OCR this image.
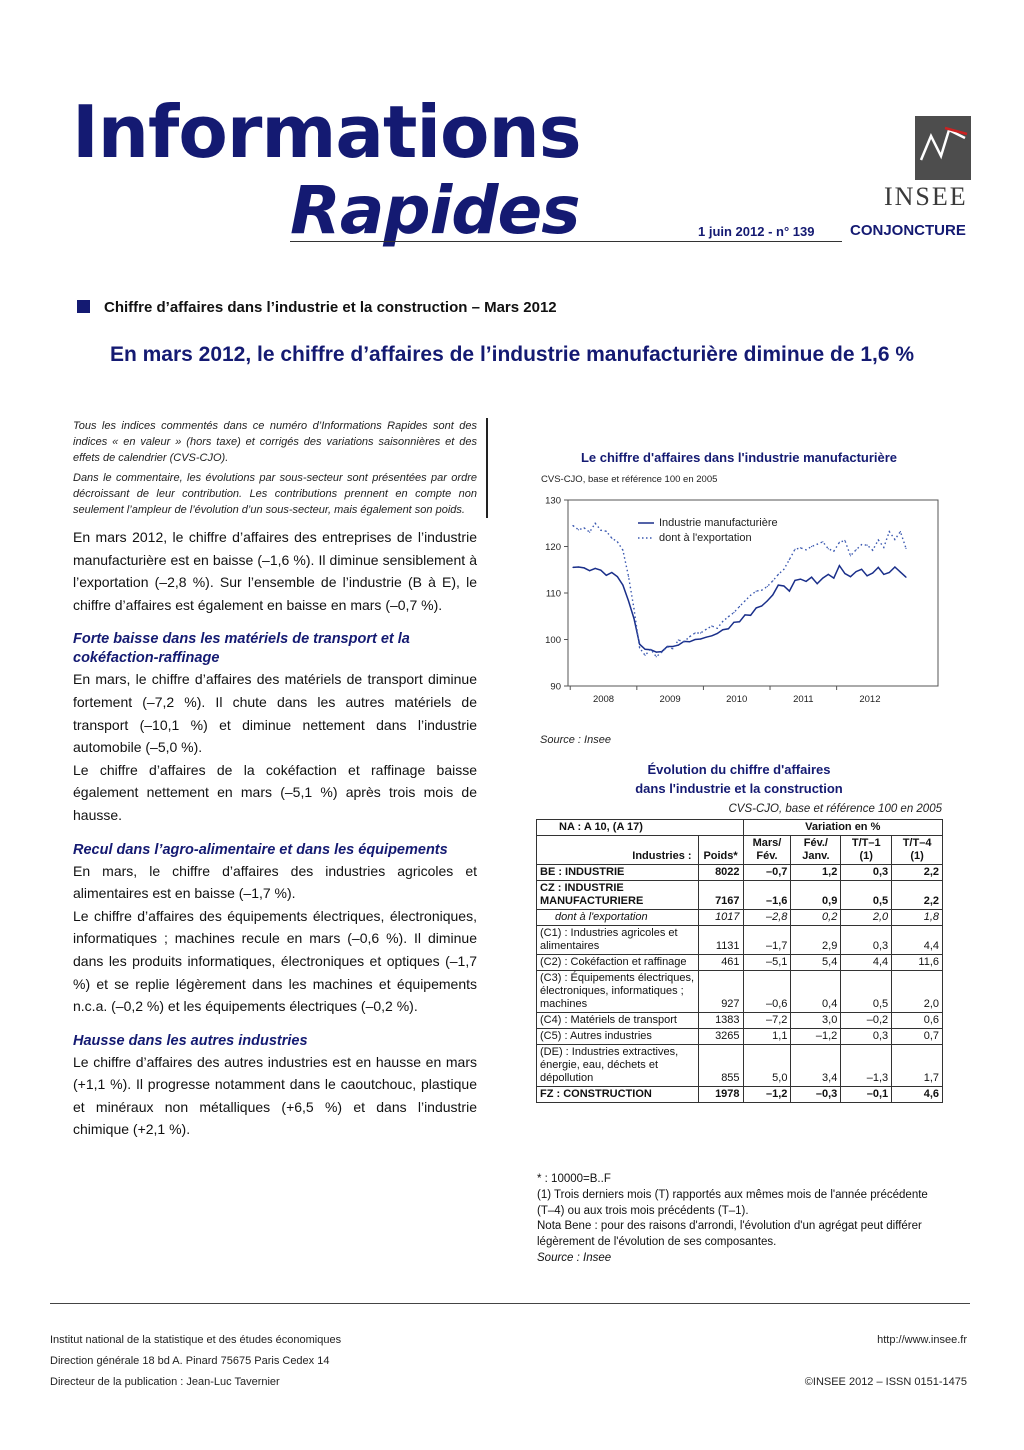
Informations
Rapides	1 juin 2012 - n° 139 CONJONCTURE
INSEE
Chiffre d’affaires dans l’industrie et la construction – Mars 2012
En mars 2012, le chiffre d’affaires de l’industrie manufacturière diminue de 1,6 %

Tous les indices commentés dans ce numéro d’Informations Rapides sont des indices « en valeur » (hors taxe) et corrigés des variations saisonnières et des effets de calendrier (CVS-CJO).

Dans le commentaire, les évolutions par sous-secteur sont présentées par ordre décroissant de leur contribution. Les contributions prennent en compte non seulement l’ampleur de l’évolution d’un sous-secteur, mais également son poids.

En mars 2012, le chiffre d’affaires des entreprises de l’industrie manufacturière est en baisse (–1,6 %). Il diminue sensiblement à l’exportation (–2,8 %). Sur l’ensemble de l’industrie (B à E), le chiffre d’affaires est également en baisse en mars (–0,7 %).

Forte baisse dans les matériels de transport et la cokéfaction-raffinage

En mars, le chiffre d’affaires des matériels de transport diminue fortement (–7,2 %). Il chute dans les autres matériels de transport (–10,1 %) et diminue nettement dans l’industrie automobile (–5,0 %).

Le chiffre d’affaires de la cokéfaction et raffinage baisse également nettement en mars (–5,1 %) après trois mois de hausse.

Recul dans l’agro-alimentaire et dans les équipements

En mars, le chiffre d’affaires des industries agricoles et alimentaires est en baisse (–1,7 %).

Le chiffre d’affaires des équipements électriques, électroniques, informatiques ; machines recule en mars (–0,6 %). Il diminue dans les produits informatiques, électroniques et optiques (–1,7 %) et se replie légèrement dans les machines et équipements n.c.a. (–0,2 %) et les équipements électriques (–0,2 %).

Hausse dans les autres industries

Le chiffre d’affaires des autres industries est en hausse en mars (+1,1 %). Il progresse notamment dans le caoutchouc, plastique et minéraux non métalliques (+6,5 %) et dans l’industrie chimique (+2,1 %).

Le chiffre d'affaires dans l'industrie manufacturière
CVS-CJO, base et référence 100 en 2005
90
100
110
120
130
2008	2009	2010	2011	2012
Industrie manufacturière
dont à l'exportation
Source : Insee
Évolution du chiffre d'affaires
dans l'industrie et la construction
CVS-CJO, base et référence 100 en 2005
NA : A 10, (A 17)		Variation en %			
Industries :	Poids*	Mars/ Fév.	Fév./ Janv.	T/T–1 (1)	T/T–4 (1)
BE : INDUSTRIE	8022	–0,7	1,2	0,3	2,2
CZ : INDUSTRIE MANUFACTURIERE	7167	–1,6	0,9	0,5	2,2
dont à l'exportation	1017	–2,8	0,2	2,0	1,8
(C1) : Industries agricoles et alimentaires	1131	–1,7	2,9	0,3	4,4
(C2) : Cokéfaction et raffinage	461	–5,1	5,4	4,4	11,6
(C3) : Équipements électriques, électroniques, informatiques ; machines	927	–0,6	0,4	0,5	2,0
(C4) : Matériels de transport	1383	–7,2	3,0	–0,2	0,6
(C5) : Autres industries	3265	1,1	–1,2	0,3	0,7
(DE) : Industries extractives, énergie, eau, déchets et dépollution	855	5,0	3,4	–1,3	1,7
FZ : CONSTRUCTION	1978	–1,2	–0,3	–0,1	4,6
* : 10000=B..F
(1) Trois derniers mois (T) rapportés aux mêmes mois de l'année précédente (T–4) ou aux trois mois précédents (T–1).
Nota Bene : pour des raisons d'arrondi, l'évolution d'un agrégat peut différer légèrement de l'évolution de ses composantes.
Source : Insee
Institut national de la statistique et des études économiques
Direction générale 18 bd A. Pinard 75675 Paris Cedex 14
Directeur de la publication : Jean-Luc Tavernier
http://www.insee.fr
©INSEE 2012 – ISSN 0151-1475
